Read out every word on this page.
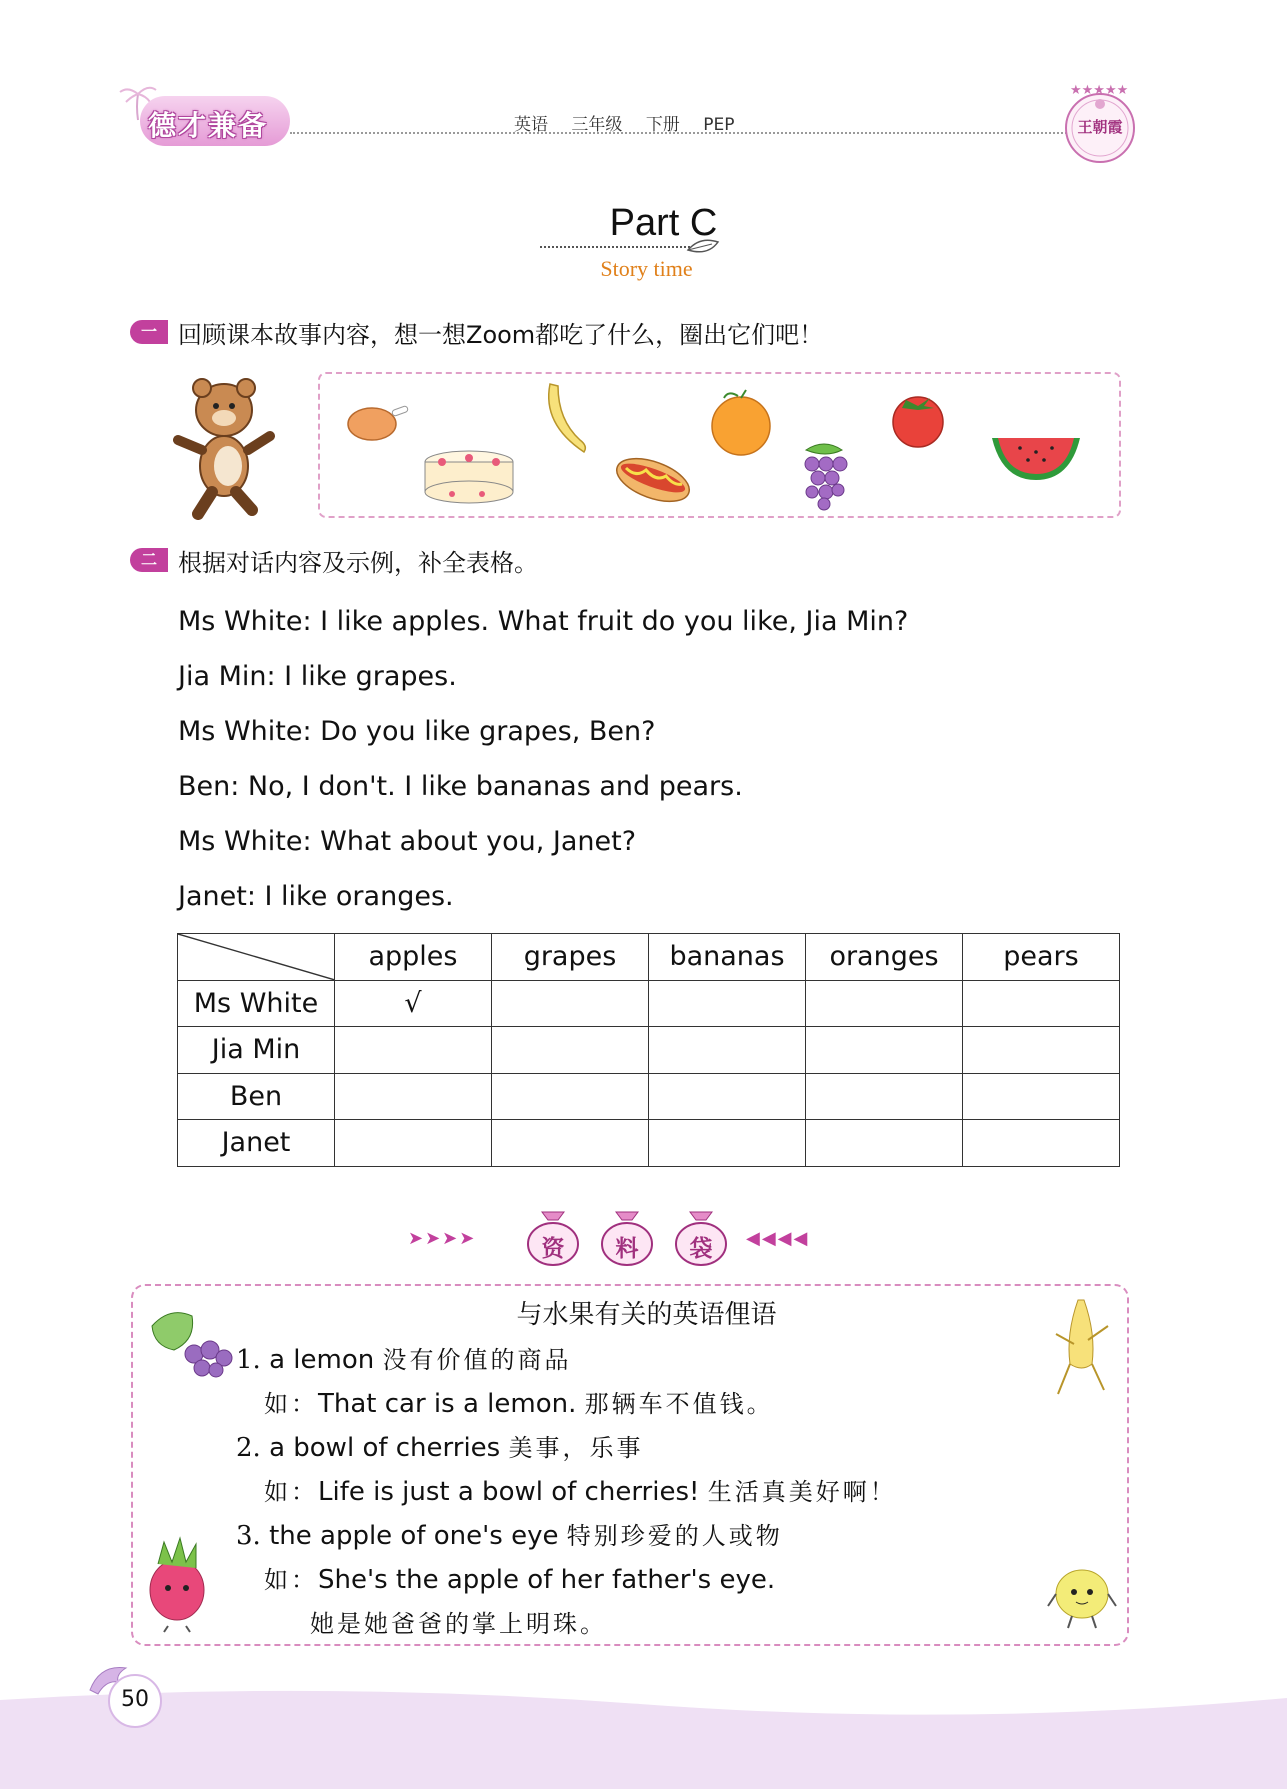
德才兼备	英语 三年级 下册 PEP
★★★★★
王朝霞
Part C
Story time
一 回顾课本故事内容，想一想Zoom都吃了什么，圈出它们吧！
二 根据对话内容及示例，补全表格。

Ms White: I like apples. What fruit do you like, Jia Min?

Jia Min: I like grapes.

Ms White: Do you like grapes, Ben?

Ben: No, I don't. I like bananas and pears.

Ms White: What about you, Janet?

Janet: I like oranges.

	apples	grapes	bananas	oranges	pears
Ms White	√				
Jia Min					
Ben					
Janet					
➤➤➤➤	◀◀◀◀
资	料	袋
与水果有关的英语俚语
1. a lemon 没有价值的商品
如：That car is a lemon. 那辆车不值钱。
2. a bowl of cherries 美事，乐事
如：Life is just a bowl of cherries! 生活真美好啊！
3. the apple of one's eye 特别珍爱的人或物
如：She's the apple of her father's eye.
她是她爸爸的掌上明珠。
50
